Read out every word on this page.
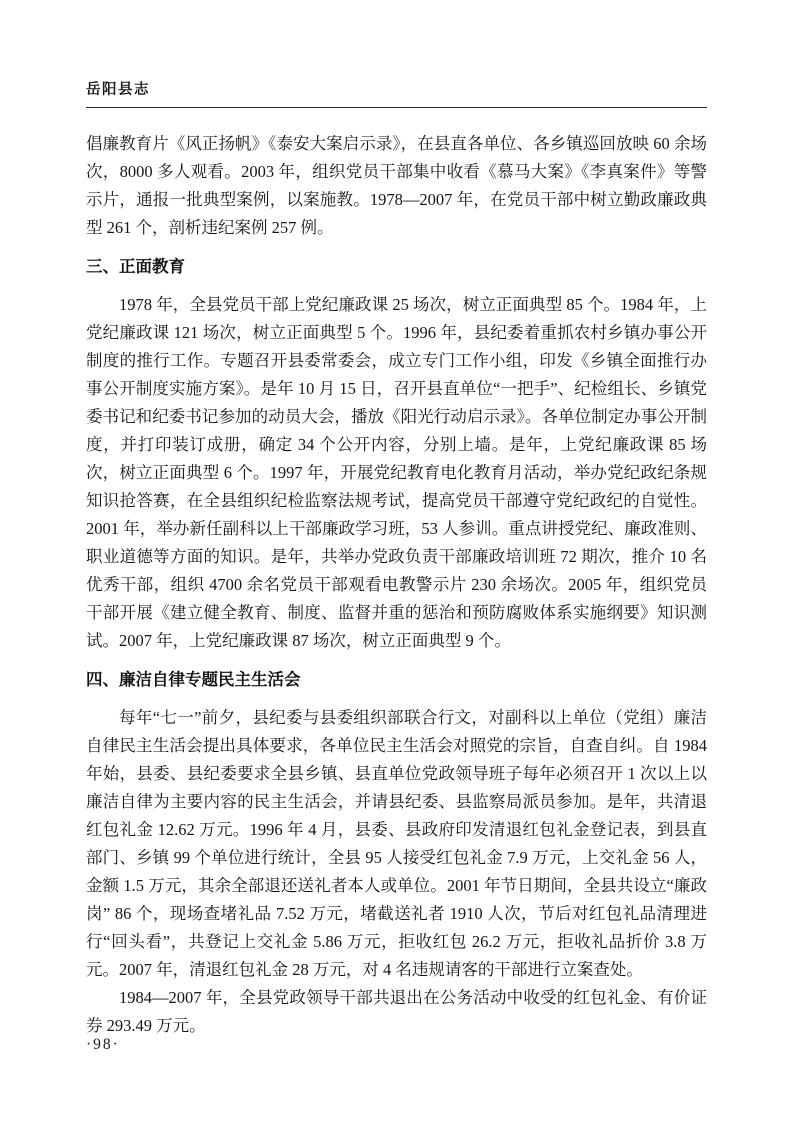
岳阳县志

倡廉教育片《风正扬帆》《泰安大案启示录》，在县直各单位、各乡镇巡回放映 60 余场次，8000 多人观看。2003 年，组织党员干部集中收看《慕马大案》《李真案件》等警示片，通报一批典型案例，以案施教。1978—2007 年，在党员干部中树立勤政廉政典型 261 个，剖析违纪案例 257 例。

三、正面教育

1978 年，全县党员干部上党纪廉政课 25 场次，树立正面典型 85 个。1984 年，上党纪廉政课 121 场次，树立正面典型 5 个。1996 年，县纪委着重抓农村乡镇办事公开制度的推行工作。专题召开县委常委会，成立专门工作小组，印发《乡镇全面推行办事公开制度实施方案》。是年 10 月 15 日，召开县直单位“一把手”、纪检组长、乡镇党委书记和纪委书记参加的动员大会，播放《阳光行动启示录》。各单位制定办事公开制度，并打印装订成册，确定 34 个公开内容，分别上墙。是年，上党纪廉政课 85 场次，树立正面典型 6 个。1997 年，开展党纪教育电化教育月活动，举办党纪政纪条规知识抢答赛，在全县组织纪检监察法规考试，提高党员干部遵守党纪政纪的自觉性。2001 年，举办新任副科以上干部廉政学习班，53 人参训。重点讲授党纪、廉政准则、职业道德等方面的知识。是年，共举办党政负责干部廉政培训班 72 期次，推介 10 名优秀干部，组织 4700 余名党员干部观看电教警示片 230 余场次。2005 年，组织党员干部开展《建立健全教育、制度、监督并重的惩治和预防腐败体系实施纲要》知识测试。2007 年，上党纪廉政课 87 场次，树立正面典型 9 个。

四、廉洁自律专题民主生活会

每年“七一”前夕，县纪委与县委组织部联合行文，对副科以上单位（党组）廉洁自律民主生活会提出具体要求，各单位民主生活会对照党的宗旨，自查自纠。自 1984 年始，县委、县纪委要求全县乡镇、县直单位党政领导班子每年必须召开 1 次以上以廉洁自律为主要内容的民主生活会，并请县纪委、县监察局派员参加。是年，共清退红包礼金 12.62 万元。1996 年 4 月，县委、县政府印发清退红包礼金登记表，到县直部门、乡镇 99 个单位进行统计，全县 95 人接受红包礼金 7.9 万元，上交礼金 56 人，金额 1.5 万元，其余全部退还送礼者本人或单位。2001 年节日期间，全县共设立“廉政岗” 86 个，现场查堵礼品 7.52 万元，堵截送礼者 1910 人次，节后对红包礼品清理进行“回头看”，共登记上交礼金 5.86 万元，拒收红包 26.2 万元，拒收礼品折价 3.8 万元。2007 年，清退红包礼金 28 万元，对 4 名违规请客的干部进行立案查处。

1984—2007 年，全县党政领导干部共退出在公务活动中收受的红包礼金、有价证券 293.49 万元。

·98·
